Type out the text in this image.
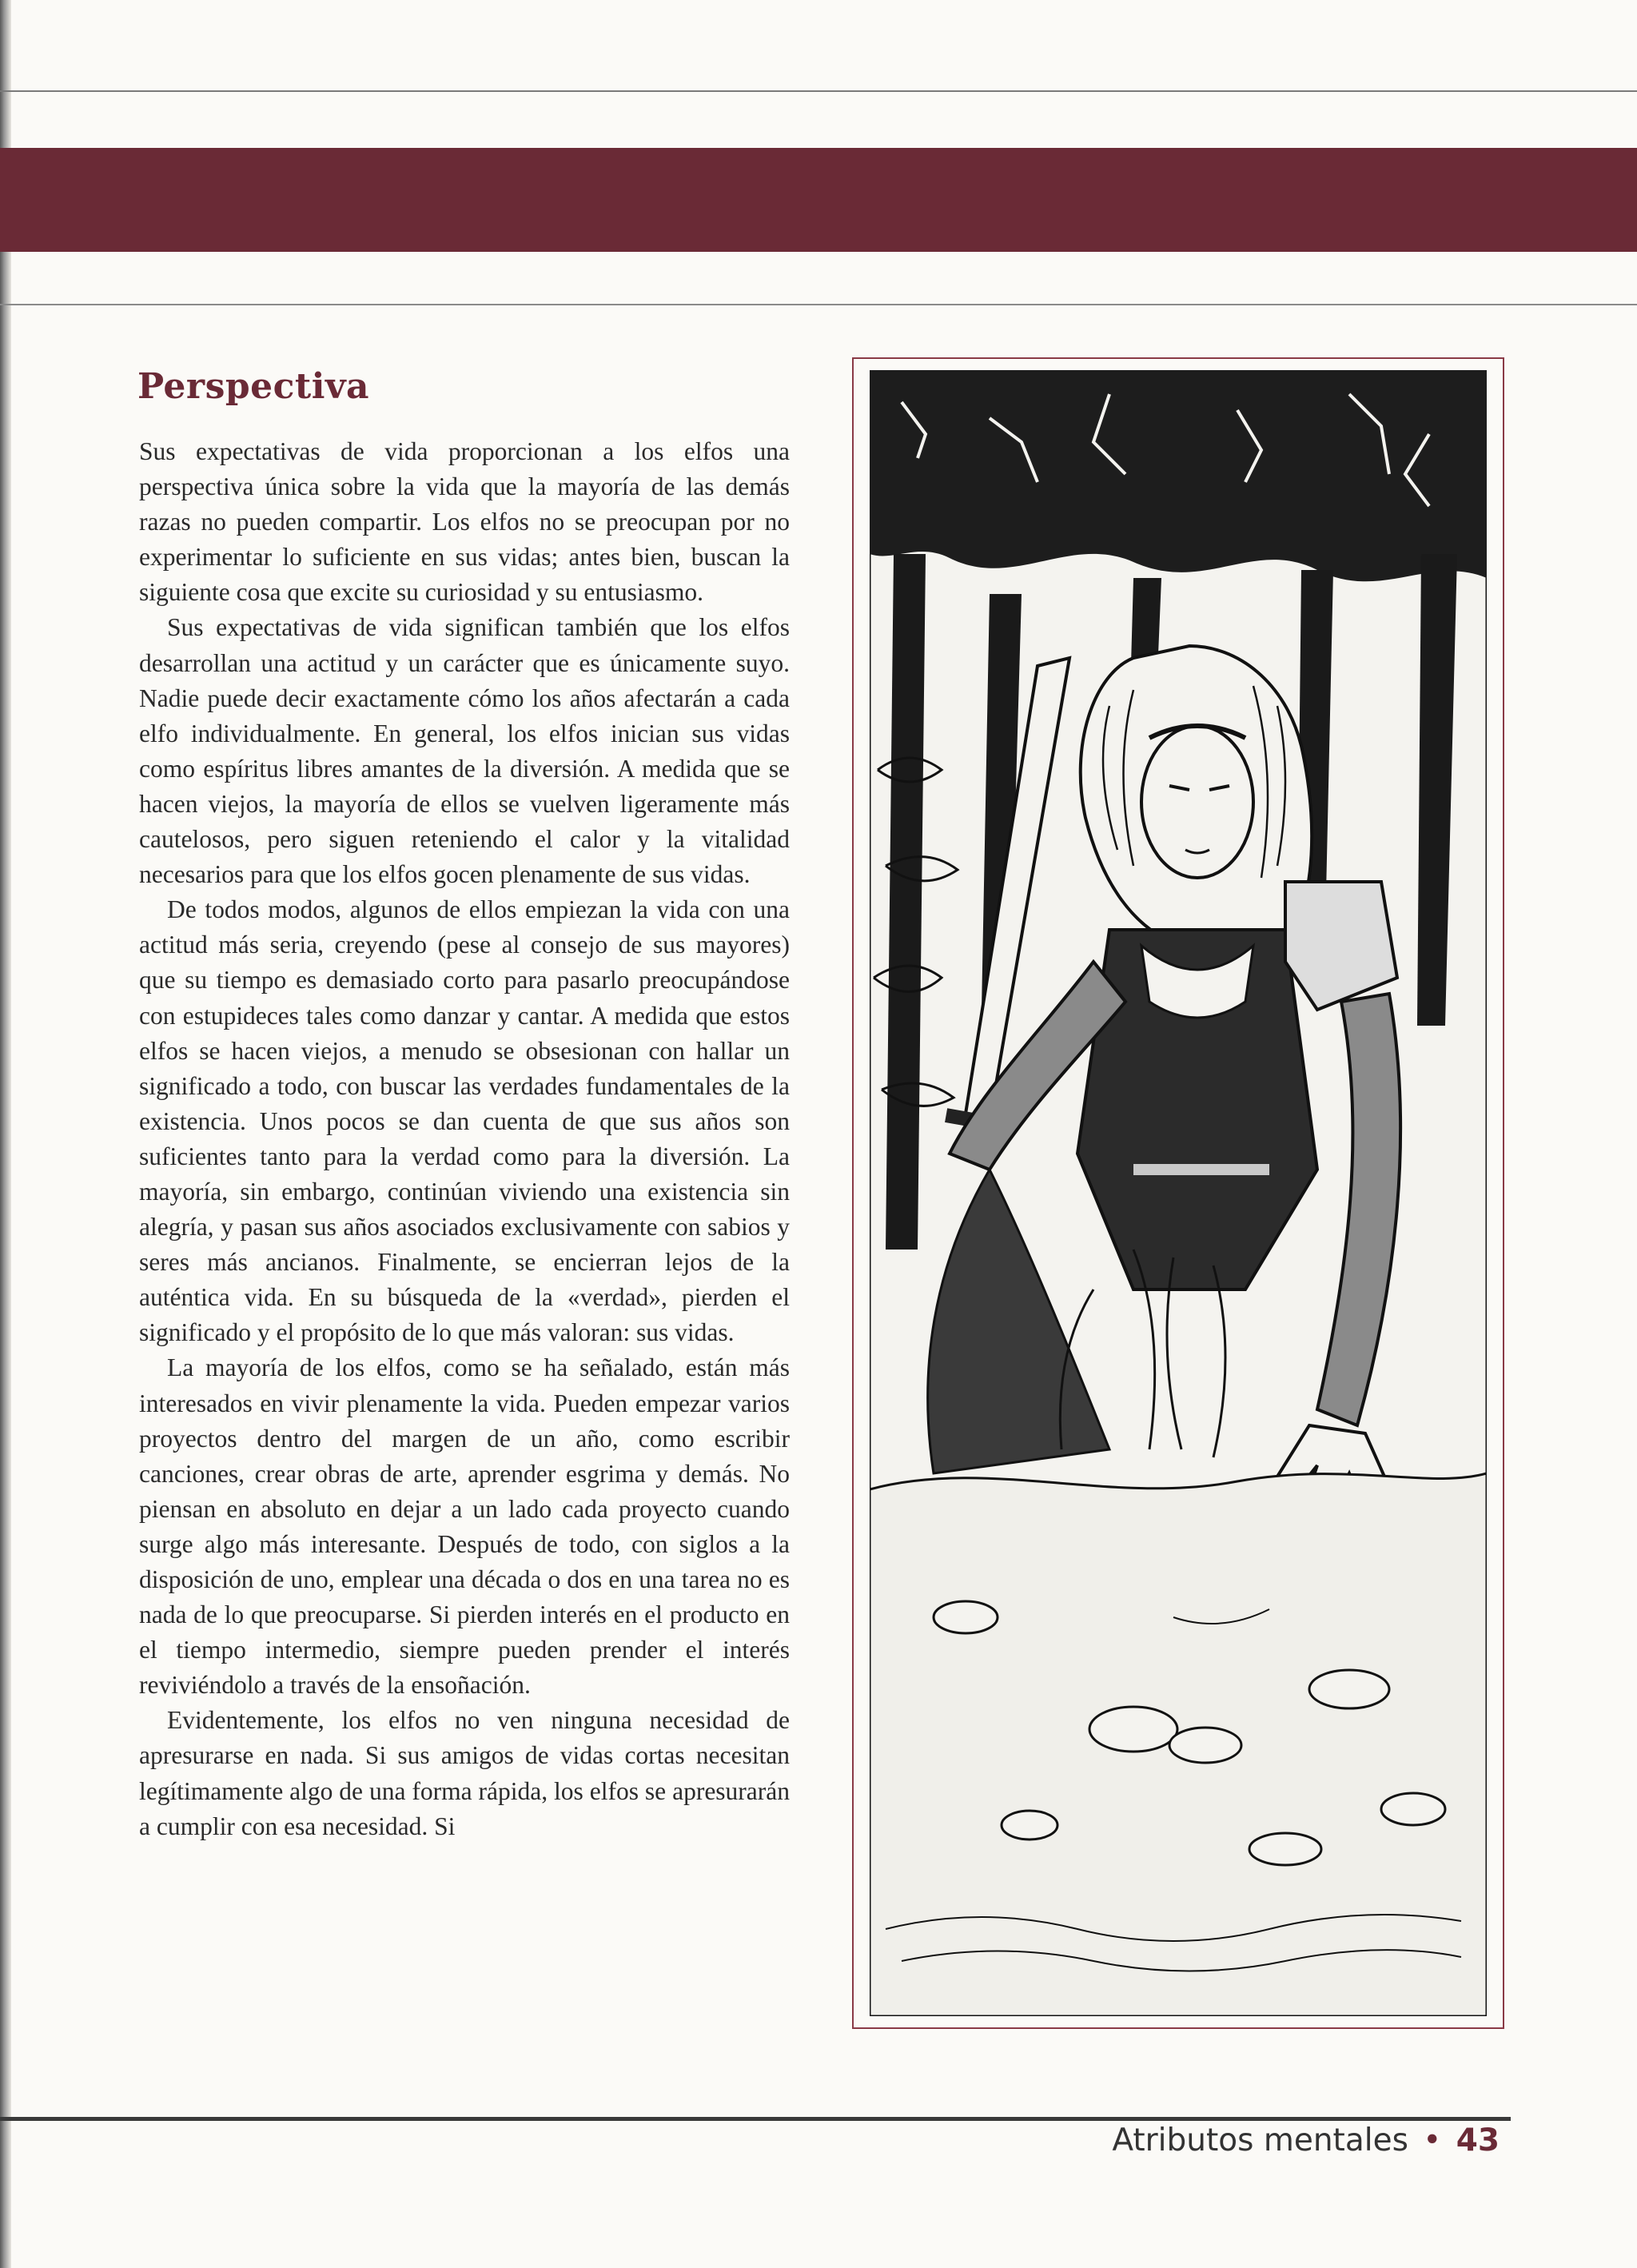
Perspectiva

Sus expectativas de vida proporcionan a los elfos una perspectiva única sobre la vida que la mayoría de las demás razas no pueden compartir. Los elfos no se preocupan por no experimentar lo suficiente en sus vidas; antes bien, buscan la siguiente cosa que excite su curiosidad y su entusiasmo.

Sus expectativas de vida significan también que los elfos desarrollan una actitud y un carácter que es únicamente suyo. Nadie puede decir exactamente cómo los años afectarán a cada elfo individualmente. En general, los elfos inician sus vidas como espíritus libres amantes de la diversión. A medida que se hacen viejos, la mayoría de ellos se vuelven ligeramente más cautelosos, pero siguen reteniendo el calor y la vitalidad necesarios para que los elfos gocen plenamente de sus vidas.

De todos modos, algunos de ellos empiezan la vida con una actitud más seria, creyendo (pese al consejo de sus mayores) que su tiempo es demasiado corto para pasarlo preocupándose con estupideces tales como danzar y cantar. A medida que estos elfos se hacen viejos, a menudo se obsesionan con hallar un significado a todo, con buscar las verdades fundamentales de la existencia. Unos pocos se dan cuenta de que sus años son suficientes tanto para la verdad como para la diversión. La mayoría, sin embargo, continúan viviendo una existencia sin alegría, y pasan sus años asociados exclusivamente con sabios y seres más ancianos. Finalmente, se encierran lejos de la auténtica vida. En su búsqueda de la «verdad», pierden el significado y el propósito de lo que más valoran: sus vidas.

La mayoría de los elfos, como se ha señalado, están más interesados en vivir plenamente la vida. Pueden empezar varios proyectos dentro del margen de un año, como escribir canciones, crear obras de arte, aprender esgrima y demás. No piensan en absoluto en dejar a un lado cada proyecto cuando surge algo más interesante. Después de todo, con siglos a la disposición de uno, emplear una década o dos en una tarea no es nada de lo que preocuparse. Si pierden interés en el producto en el tiempo intermedio, siempre pueden prender el interés reviviéndolo a través de la ensoñación.

Evidentemente, los elfos no ven ninguna necesidad de apresurarse en nada. Si sus amigos de vidas cortas necesitan legítimamente algo de una forma rápida, los elfos se apresurarán a cumplir con esa necesidad. Si

Atributos mentales • 43
